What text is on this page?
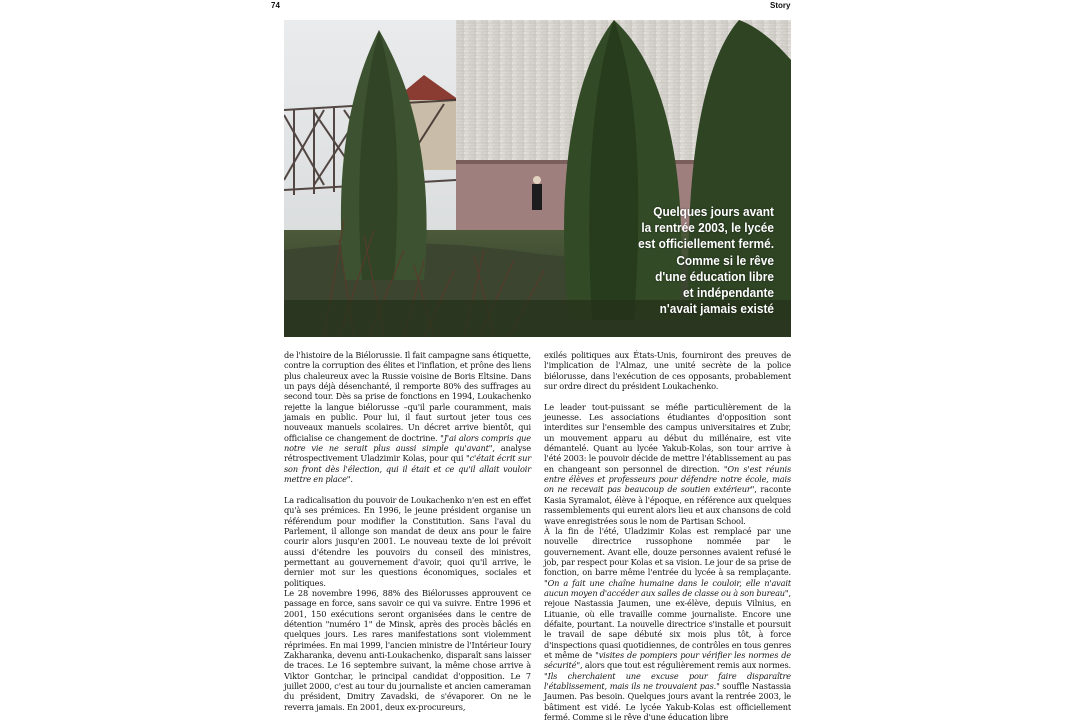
74	Story
Quelques jours avant
la rentrée 2003, le lycée
est officiellement fermé.
Comme si le rêve
d'une éducation libre
et indépendante
n'avait jamais existé

de l'histoire de la Biélorussie. Il fait campagne sans étiquette, contre la corruption des élites et l'inflation, et prône des liens plus chaleureux avec la Russie voisine de Boris Eltsine. Dans un pays déjà désenchanté, il remporte 80% des suffrages au second tour. Dès sa prise de fonctions en 1994, Loukachenko rejette la langue biélorusse –qu'il parle couramment, mais jamais en public. Pour lui, il faut surtout jeter tous ces nouveaux manuels scolaires. Un décret arrive bientôt, qui officialise ce changement de doctrine. "J'ai alors compris que notre vie ne serait plus aussi simple qu'avant", analyse rétrospectivement Uladzimir Kolas, pour qui "c'était écrit sur son front dès l'élection, qui il était et ce qu'il allait vouloir mettre en place".

La radicalisation du pouvoir de Loukachenko n'en est en effet qu'à ses prémices. En 1996, le jeune président organise un référendum pour modifier la Constitution. Sans l'aval du Parlement, il allonge son mandat de deux ans pour le faire courir alors jusqu'en 2001. Le nouveau texte de loi prévoit aussi d'étendre les pouvoirs du conseil des ministres, permettant au gouvernement d'avoir, quoi qu'il arrive, le dernier mot sur les questions économiques, sociales et politiques.

Le 28 novembre 1996, 88% des Biélorusses approuvent ce passage en force, sans savoir ce qui va suivre. Entre 1996 et 2001, 150 exécutions seront organisées dans le centre de détention "numéro 1" de Minsk, après des procès bâclés en quelques jours. Les rares manifestations sont violemment réprimées. En mai 1999, l'ancien ministre de l'Intérieur Ioury Zakharanka, devenu anti-Loukachenko, disparaît sans laisser de traces. Le 16 septembre suivant, la même chose arrive à Viktor Gontchar, le principal candidat d'opposition. Le 7 juillet 2000, c'est au tour du journaliste et ancien cameraman du président, Dmitry Zavadski, de s'évaporer. On ne le reverra jamais. En 2001, deux ex-procureurs,

exilés politiques aux États-Unis, fourniront des preuves de l'implication de l'Almaz, une unité secrète de la police biélorusse, dans l'exécution de ces opposants, probablement sur ordre direct du président Loukachenko.

Le leader tout-puissant se méfie particulièrement de la jeunesse. Les associations étudiantes d'opposition sont interdites sur l'ensemble des campus universitaires et Zubr, un mouvement apparu au début du millénaire, est vite démantelé. Quant au lycée Yakub-Kolas, son tour arrive à l'été 2003: le pouvoir décide de mettre l'établissement au pas en changeant son personnel de direction. "On s'est réunis entre élèves et professeurs pour défendre notre école, mais on ne recevait pas beaucoup de soutien extérieur", raconte Kasia Syramalot, élève à l'époque, en référence aux quelques rassemblements qui eurent alors lieu et aux chansons de cold wave enregistrées sous le nom de Partisan School.

À la fin de l'été, Uladzimir Kolas est remplacé par une nouvelle directrice russophone nommée par le gouvernement. Avant elle, douze personnes avaient refusé le job, par respect pour Kolas et sa vision. Le jour de sa prise de fonction, on barre même l'entrée du lycée à sa remplaçante. "On a fait une chaîne humaine dans le couloir, elle n'avait aucun moyen d'accéder aux salles de classe ou à son bureau", rejoue Nastassia Jaumen, une ex-élève, depuis Vilnius, en Lituanie, où elle travaille comme journaliste. Encore une défaite, pourtant. La nouvelle directrice s'installe et poursuit le travail de sape débuté six mois plus tôt, à force d'inspections quasi quotidiennes, de contrôles en tous genres et même de "visites de pompiers pour vérifier les normes de sécurité", alors que tout est régulièrement remis aux normes. "Ils cherchaient une excuse pour faire disparaître l'établissement, mais ils ne trouvaient pas." souffle Nastassia Jaumen. Pas besoin. Quelques jours avant la rentrée 2003, le bâtiment est vidé. Le lycée Yakub-Kolas est officiellement fermé. Comme si le rêve d'une éducation libre
